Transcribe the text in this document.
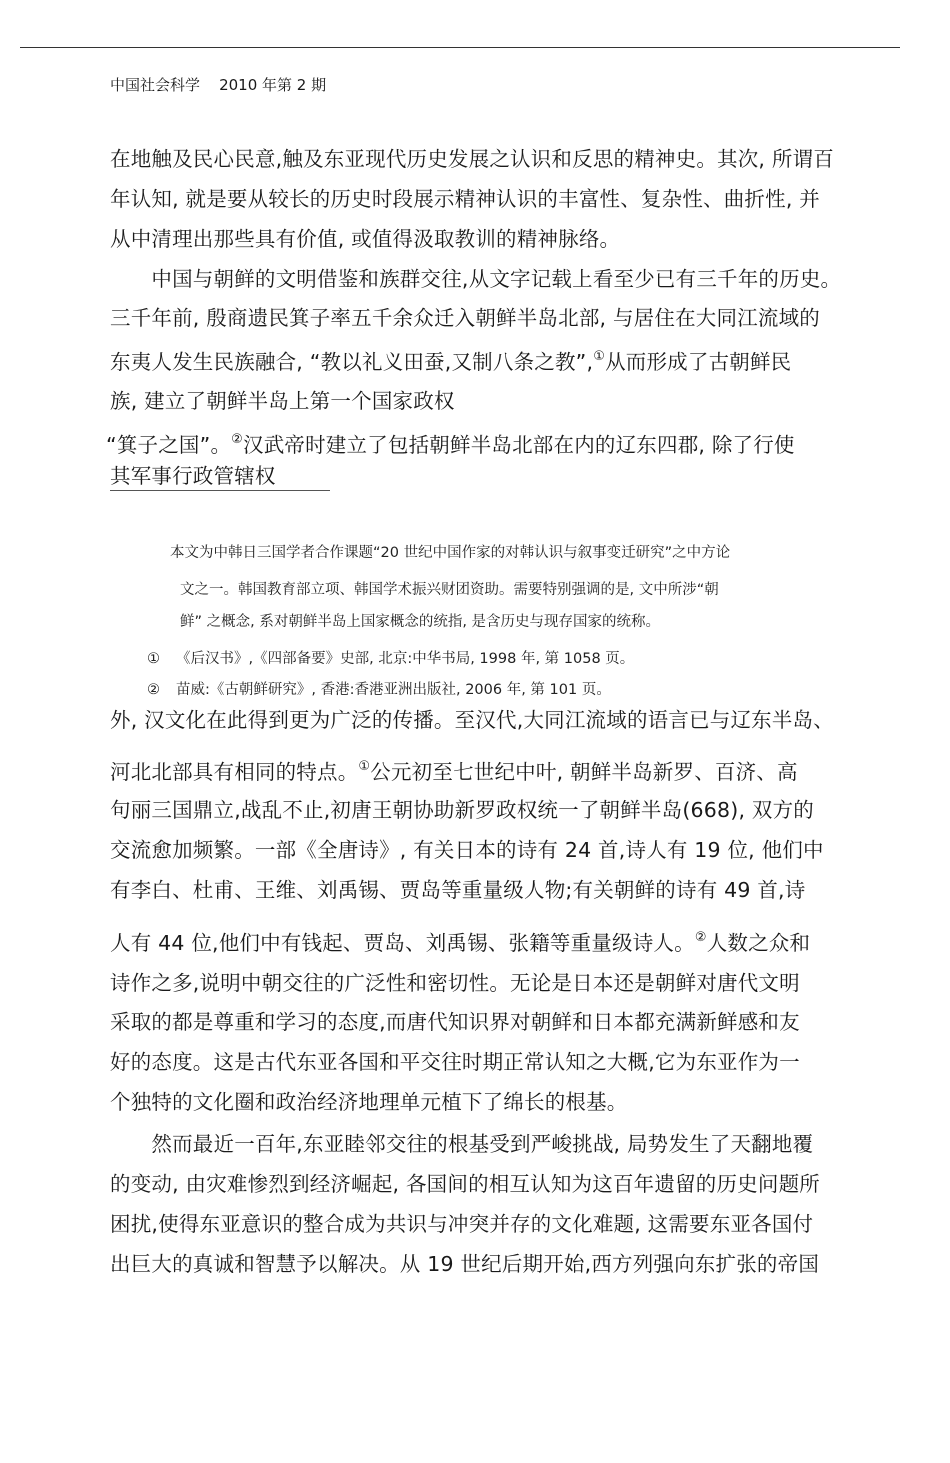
中国社会科学 2010 年第 2 期
在地触及民心民意,触及东亚现代历史发展之认识和反思的精神史。其次, 所谓百
年认知, 就是要从较长的历史时段展示精神认识的丰富性、复杂性、曲折性, 并
从中清理出那些具有价值, 或值得汲取教训的精神脉络。
　　中国与朝鲜的文明借鉴和族群交往,从文字记载上看至少已有三千年的历史。
三千年前, 殷商遗民箕子率五千余众迁入朝鲜半岛北部, 与居住在大同江流域的
东夷人发生民族融合, “教以礼义田蚕,又制八条之教”,①从而形成了古朝鲜民
族, 建立了朝鲜半岛上第一个国家政权
“箕子之国”。②汉武帝时建立了包括朝鲜半岛北部在内的辽东四郡, 除了行使
其军事行政管辖权
本文为中韩日三国学者合作课题“20 世纪中国作家的对韩认识与叙事变迁研究”之中方论
文之一。韩国教育部立项、韩国学术振兴财团资助。需要特别强调的是, 文中所涉“朝
鲜” 之概念, 系对朝鲜半岛上国家概念的统指, 是含历史与现存国家的统称。
① 《后汉书》,《四部备要》史部, 北京:中华书局, 1998 年, 第 1058 页。
② 苗威:《古朝鲜研究》, 香港:香港亚洲出版社, 2006 年, 第 101 页。
外, 汉文化在此得到更为广泛的传播。至汉代,大同江流域的语言已与辽东半岛、
河北北部具有相同的特点。①公元初至七世纪中叶, 朝鲜半岛新罗、百济、高
句丽三国鼎立,战乱不止,初唐王朝协助新罗政权统一了朝鲜半岛(668), 双方的
交流愈加频繁。一部《全唐诗》, 有关日本的诗有 24 首,诗人有 19 位, 他们中
有李白、杜甫、王维、刘禹锡、贾岛等重量级人物;有关朝鲜的诗有 49 首,诗
人有 44 位,他们中有钱起、贾岛、刘禹锡、张籍等重量级诗人。②人数之众和
诗作之多,说明中朝交往的广泛性和密切性。无论是日本还是朝鲜对唐代文明
采取的都是尊重和学习的态度,而唐代知识界对朝鲜和日本都充满新鲜感和友
好的态度。这是古代东亚各国和平交往时期正常认知之大概,它为东亚作为一
个独特的文化圈和政治经济地理单元植下了绵长的根基。
　　然而最近一百年,东亚睦邻交往的根基受到严峻挑战, 局势发生了天翻地覆
的变动, 由灾难惨烈到经济崛起, 各国间的相互认知为这百年遗留的历史问题所
困扰,使得东亚意识的整合成为共识与冲突并存的文化难题, 这需要东亚各国付
出巨大的真诚和智慧予以解决。从 19 世纪后期开始,西方列强向东扩张的帝国
